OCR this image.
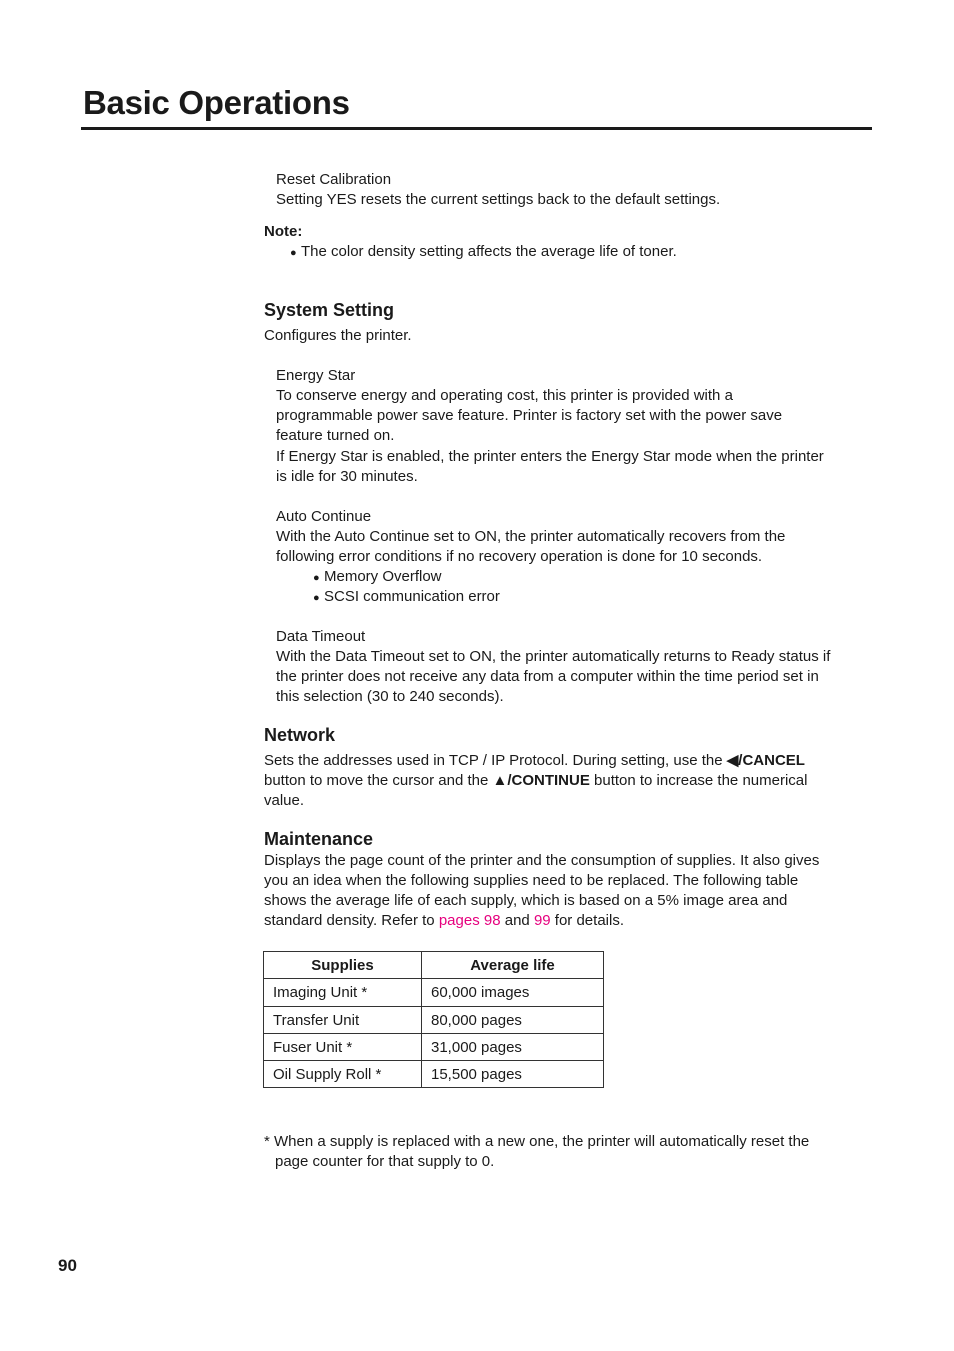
Basic Operations
Reset Calibration
Setting YES resets the current settings back to the default settings.
Note:
● The color density setting affects the average life of toner.
System Setting
Configures the printer.
Energy Star
To conserve energy and operating cost, this printer is provided with a
programmable power save feature. Printer is factory set with the power save
feature turned on.
If Energy Star is enabled, the printer enters the Energy Star mode when the printer
is idle for 30 minutes.
Auto Continue
With the Auto Continue set to ON, the printer automatically recovers from the
following error conditions if no recovery operation is done for 10 seconds.
● Memory Overflow
● SCSI communication error
Data Timeout
With the Data Timeout set to ON, the printer automatically returns to Ready status if
the printer does not receive any data from a computer within the time period set in
this selection (30 to 240 seconds).
Network
Sets the addresses used in TCP / IP Protocol. During setting, use the ◀/CANCEL
button to move the cursor and the ▲/CONTINUE button to increase the numerical
value.
Maintenance
Displays the page count of the printer and the consumption of supplies. It also gives
you an idea when the following supplies need to be replaced. The following table
shows the average life of each supply, which is based on a 5% image area and
standard density. Refer to pages 98 and 99 for details.
Supplies	Average life
Imaging Unit *	60,000 images
Transfer Unit	80,000 pages
Fuser Unit *	31,000 pages
Oil Supply Roll *	15,500 pages
* When a supply is replaced with a new one, the printer will automatically reset the
page counter for that supply to 0.
90
